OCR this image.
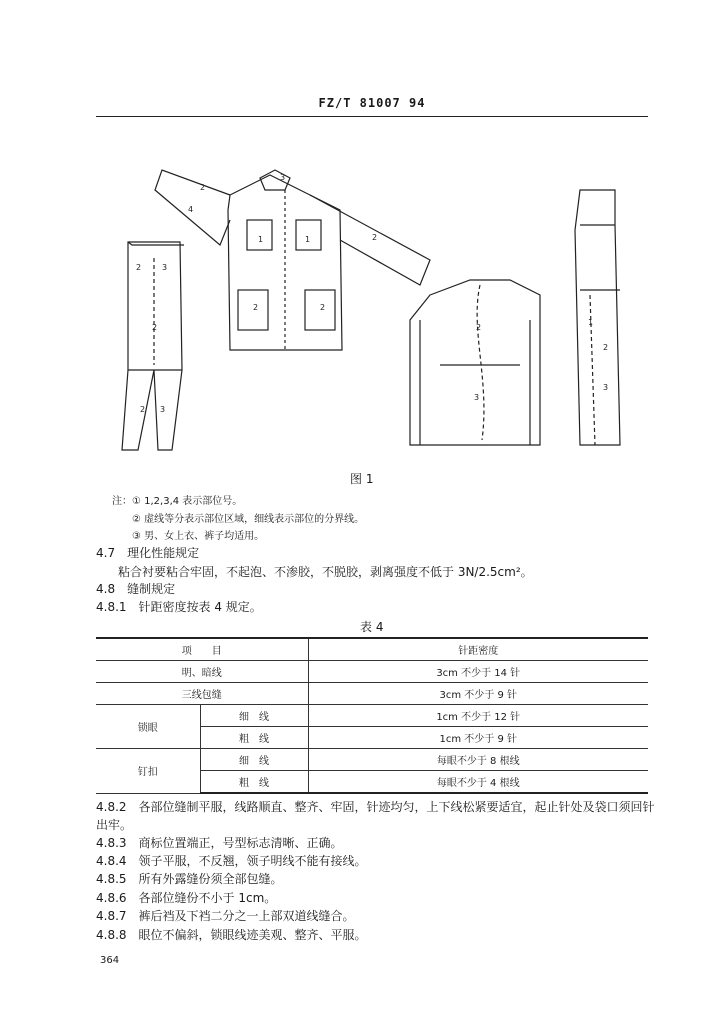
FZ/T 81007 94
2	3
2
2 3
3
1	1
2	2
2
4
2
2
3
1
2
3
图 1
注：① 1,2,3,4 表示部位号。
② 虚线等分表示部位区域，细线表示部位的分界线。
③ 男、女上衣、裤子均适用。
4.7　理化性能规定
粘合衬要粘合牢固，不起泡、不渗胶，不脱胶，剥离强度不低于 3N/2.5cm²。
4.8　缝制规定
4.8.1　针距密度按表 4 规定。
表 4
项　　目		针距密度
明、暗线		3cm 不少于 14 针
三线包缝		3cm 不少于 9 针
锁眼	细　线	1cm 不少于 12 针
	粗　线	1cm 不少于 9 针
钉扣	细　线	每眼不少于 8 根线
	粗　线	每眼不少于 4 根线
4.8.2　各部位缝制平服，线路顺直、整齐、牢固，针迹均匀，上下线松紧要适宜，起止针处及袋口须回针
出牢。
4.8.3　商标位置端正，号型标志清晰、正确。
4.8.4　领子平服，不反翘，领子明线不能有接线。
4.8.5　所有外露缝份须全部包缝。
4.8.6　各部位缝份不小于 1cm。
4.8.7　裤后裆及下裆二分之一上部双道线缝合。
4.8.8　眼位不偏斜，锁眼线迹美观、整齐、平服。
364
